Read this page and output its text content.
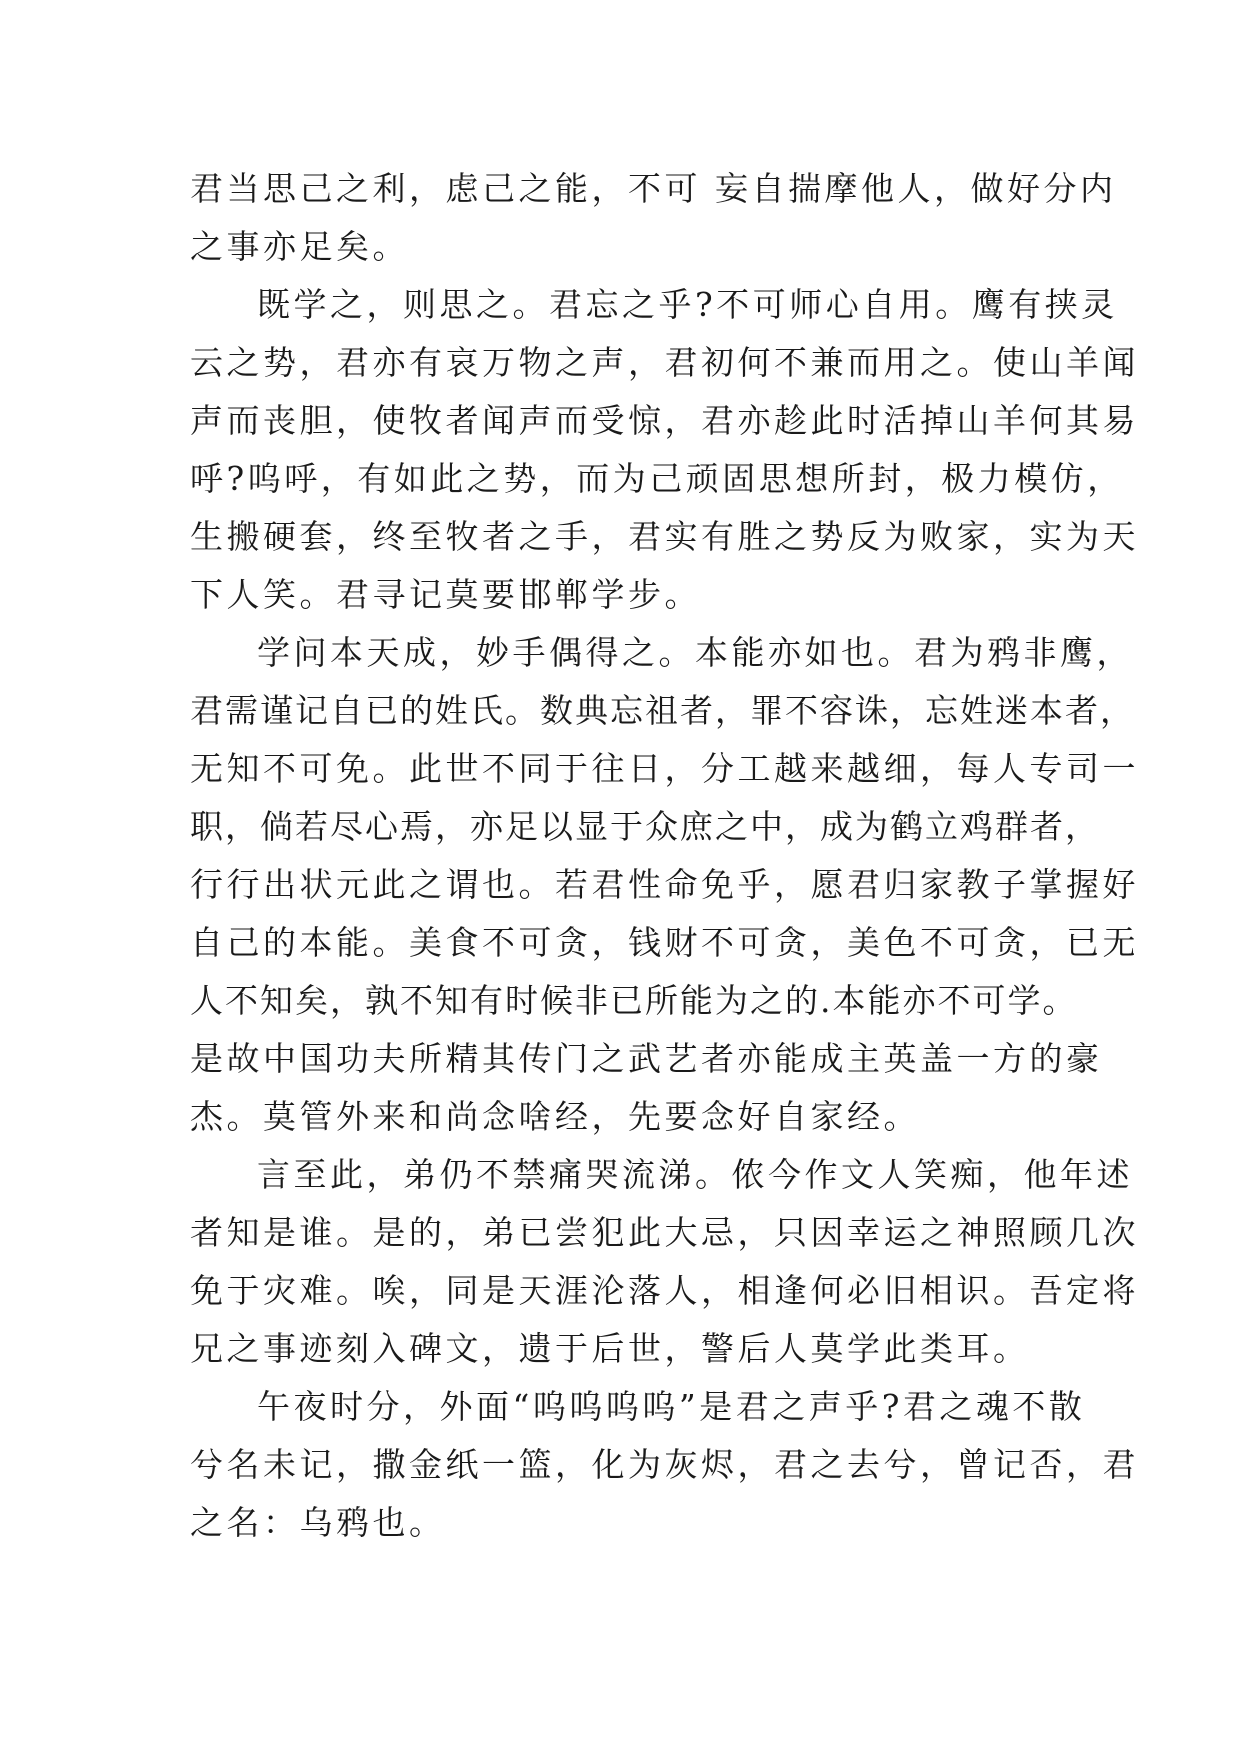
君当思己之利，虑己之能，不可 妄自揣摩他人，做好分内
之事亦足矣。
既学之，则思之。君忘之乎?不可师心自用。鹰有挟灵
云之势，君亦有哀万物之声，君初何不兼而用之。使山羊闻
声而丧胆，使牧者闻声而受惊，君亦趁此时活掉山羊何其易
呼?呜呼，有如此之势，而为己顽固思想所封，极力模仿，
生搬硬套，终至牧者之手，君实有胜之势反为败家，实为天
下人笑。君寻记莫要邯郸学步。
学问本天成，妙手偶得之。本能亦如也。君为鸦非鹰，
君需谨记自已的姓氏。数典忘祖者，罪不容诛，忘姓迷本者，
无知不可免。此世不同于往日，分工越来越细，每人专司一
职，倘若尽心焉，亦足以显于众庶之中，成为鹤立鸡群者，
行行出状元此之谓也。若君性命免乎，愿君归家教子掌握好
自己的本能。美食不可贪，钱财不可贪，美色不可贪，已无
人不知矣，孰不知有时候非已所能为之的.本能亦不可学。
是故中国功夫所精其传门之武艺者亦能成主英盖一方的豪
杰。莫管外来和尚念啥经，先要念好自家经。
言至此，弟仍不禁痛哭流涕。侬今作文人笑痴，他年述
者知是谁。是的，弟已尝犯此大忌，只因幸运之神照顾几次
免于灾难。唉，同是天涯沦落人，相逢何必旧相识。吾定将
兄之事迹刻入碑文，遗于后世，警后人莫学此类耳。
午夜时分，外面“呜呜呜呜”是君之声乎?君之魂不散
兮名未记，撒金纸一篮，化为灰烬，君之去兮，曾记否，君
之名：乌鸦也。
